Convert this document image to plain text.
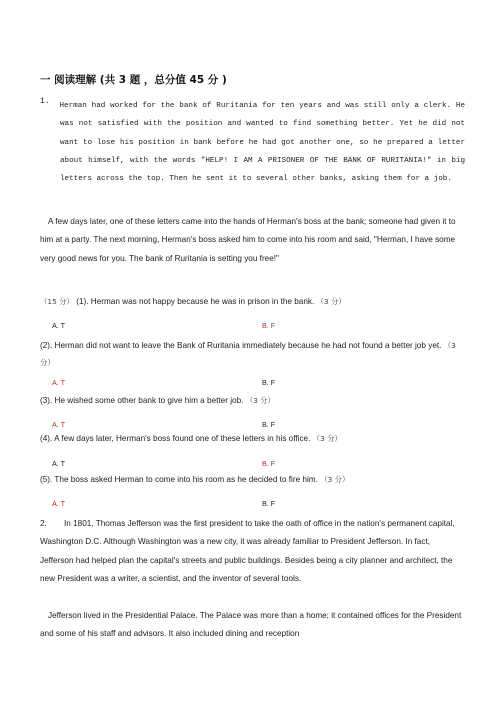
一 阅读理解 (共 3 题 ，总分值 45 分 )
1. Herman had worked for the bank of Ruritania for ten years and was still only a clerk. He was not satisfied with the position and wanted to find something better. Yet he did not want to lose his position in bank before he had got another one, so he prepared a letter about himself, with the words "HELP! I AM A PRISONER OF THE BANK OF RURITANIA!" in big letters across the top. Then he sent it to several other banks, asking them for a job.
A few days later, one of these letters came into the hands of Herman's boss at the bank; someone had given it to him at a party. The next morning, Herman's boss asked him to come into his room and said, "Herman, I have some very good news for you. The bank of Ruritania is setting you free!"
（15 分） (1). Herman was not happy because he was in prison in the bank. （3 分）
A. T	B. F
(2). Herman did not want to leave the Bank of Ruritania immediately because he had not found a better job yet. （3 分）
A. T	B. F
(3). He wished some other bank to give him a better job. （3 分）
A. T	B. F
(4). A few days later, Herman's boss found one of these letters in his office. （3 分）
A. T	B. F
(5). The boss asked Herman to come into his room as he decided to fire him. （3 分）
A. T	B. F
2. In 1801, Thomas Jefferson was the first president to take the oath of office in the nation's permanent capital, Washington D.C. Although Washington was a new city, it was already familiar to President Jefferson. In fact, Jefferson had helped plan the capital's streets and public buildings. Besides being a city planner and architect, the new President was a writer, a scientist, and the inventor of several tools.
Jefferson lived in the Presidential Palace. The Palace was more than a home; it contained offices for the President and some of his staff and advisors. It also included dining and reception
